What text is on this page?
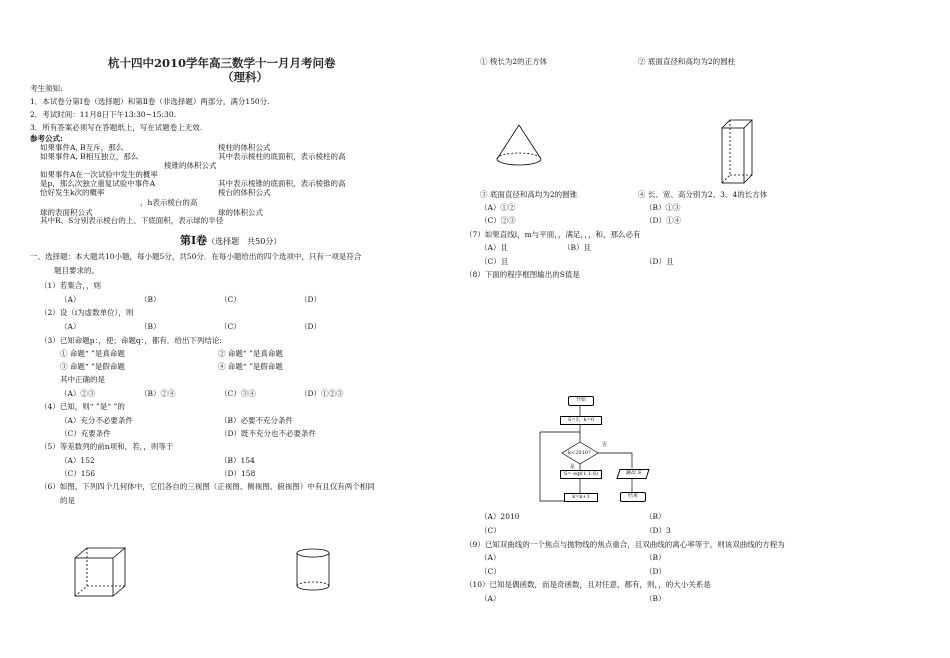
杭十四中2010学年高三数学十一月月考问卷
（理科）
考生须知:
1．本试卷分第Ⅰ卷（选择题）和第Ⅱ卷（非选择题）两部分，满分150分.
2．考试时间：11月8日下午13:30~15:30.
3．所有答案必须写在答题纸上，写在试题卷上无效.
参考公式:
如果事件A, B互斥，那么
如果事件A, B相互独立，那么
如果事件A在一次试验中发生的概率
是p，那么次独立重复试验中事件A
恰好发生k次的概率
球的表面积公式
其中R、S分别表示棱台的上、下底面积，表示球的半径
棱柱的体积公式
其中表示棱柱的底面积，表示棱柱的高
棱锥的体积公式
其中表示棱锥的底面积，表示棱锥的高
棱台的体积公式
，h表示棱台的高
球的体积公式
第Ⅰ卷（选择题　共50分）
一、选择题：本大题共10小题，每小题5分，共50分．在每小题给出的四个选项中，只有一项是符合
题目要求的。
（1）若集合，，则
（A）	（B）	（C）	（D）
（2）设（i为虚数单位），则
（A）	（B）	（C）	（D）
（3）已知命题p：，使；命题q：，都有．给出下列结论:
① 命题“ ”是真命题	② 命题“ ”是真命题
③ 命题“ ”是假命题	④ 命题“ ”是假命题
其中正确的是
（A）②③	（B）②④	（C）③④	（D）①②③
（4）已知，则“ ”是“ ”的
（A）充分不必要条件	（B）必要不充分条件
（C）充要条件	（D）既不充分也不必要条件
（5）等差数列的前n项和，若，，则等于
（A）152	（B）154
（C）156	（D）158
（6）如图，下列四个几何体中，它们各自的三视图（正视图、侧视图、俯视图）中有且仅有两个相同
的是
① 棱长为2的正方体	② 底面直径和高均为2的圆柱
③ 底面直径和高均为2的圆锥	④ 长、宽、高分别为2、3、4的长方体
（A）①②	（B）①③
（C）②③	（D）①④
（7）如果直线l，m与平面，，满足，，，和，那么必有
（A）且	（B）且
（C）且	（D）且
（8）下面的程序框图输出的S值是
开始
S=3，k=0
k<2010?
是
否
S= eqf(1,1-S)
k=k+1
输出 S
结束
（A）2010	（B）
（C）	（D）3
（9）已知双曲线的一个焦点与抛物线的焦点重合，且双曲线的离心率等于，则该双曲线的方程为
（A）	（B）
（C）	（D）
（10）已知是偶函数，而是奇函数，且对任意，都有，则，，的大小关系是
（A）	（B）
